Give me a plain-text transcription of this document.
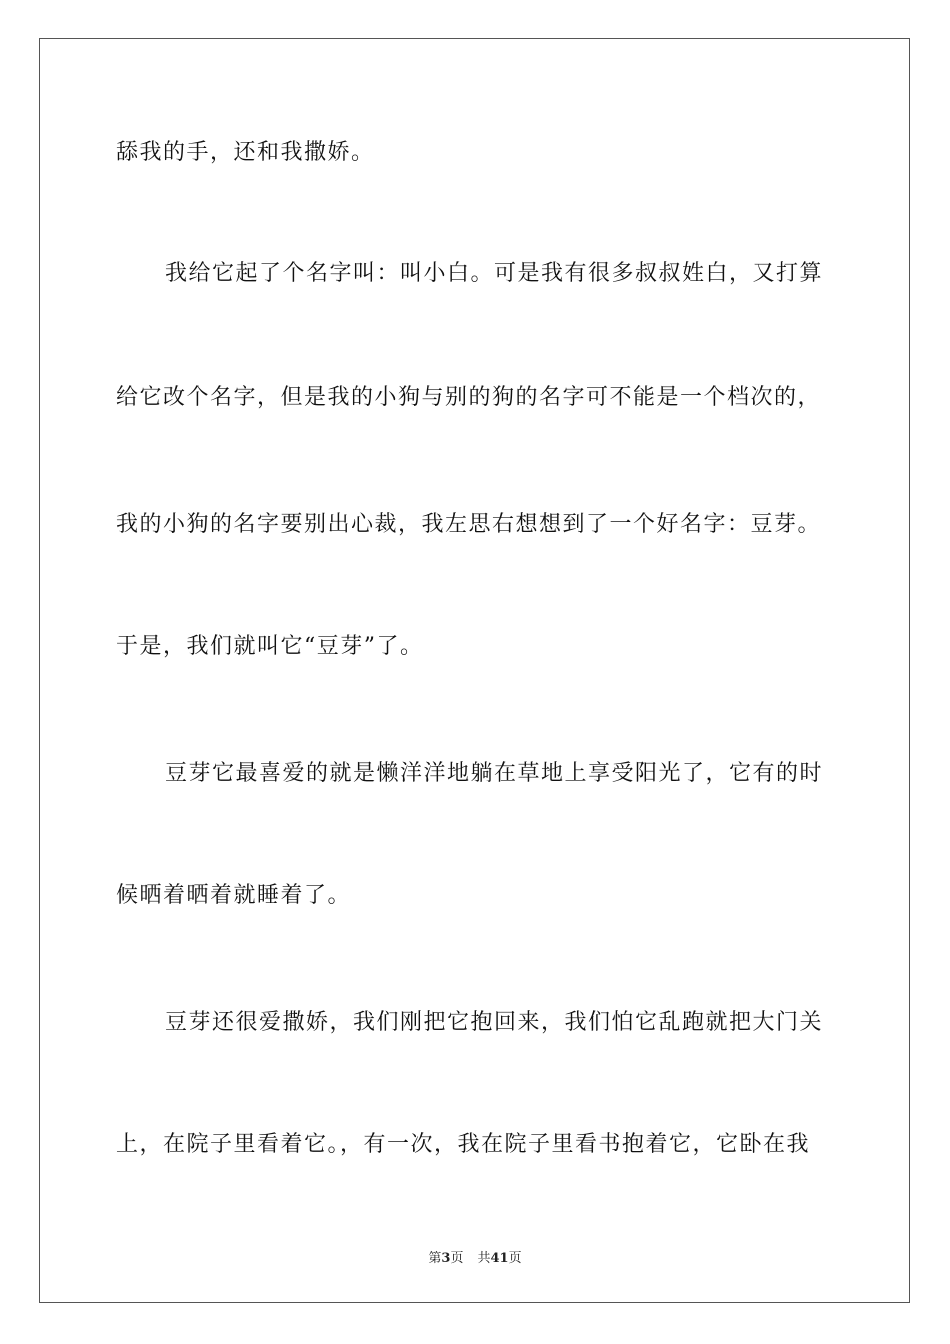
舔我的手，还和我撒娇。
我给它起了个名字叫：叫小白。可是我有很多叔叔姓白，又打算
给它改个名字，但是我的小狗与别的狗的名字可不能是一个档次的，
我的小狗的名字要别出心裁，我左思右想想到了一个好名字：豆芽。
于是，我们就叫它“豆芽”了。
豆芽它最喜爱的就是懒洋洋地躺在草地上享受阳光了，它有的时
候晒着晒着就睡着了。
豆芽还很爱撒娇，我们刚把它抱回来，我们怕它乱跑就把大门关
上，在院子里看着它。，有一次，我在院子里看书抱着它，它卧在我
第3页 共41页
